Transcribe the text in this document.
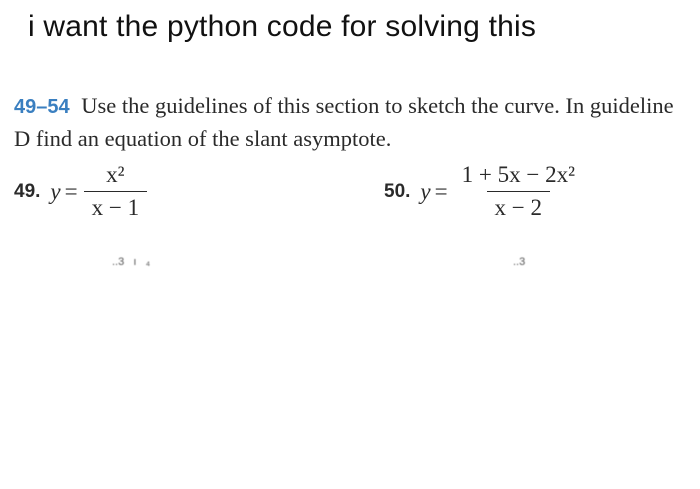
i want the python code for solving this
49–54 Use the guidelines of this section to sketch the curve. In guideline D find an equation of the slant asymptote.
49. $y = \frac{\text{x²}}{x - 1}$	50. $y = \frac{\text{1 + 5x − 2x²}}{x - 2}$
..3   ı   ₄	..3
